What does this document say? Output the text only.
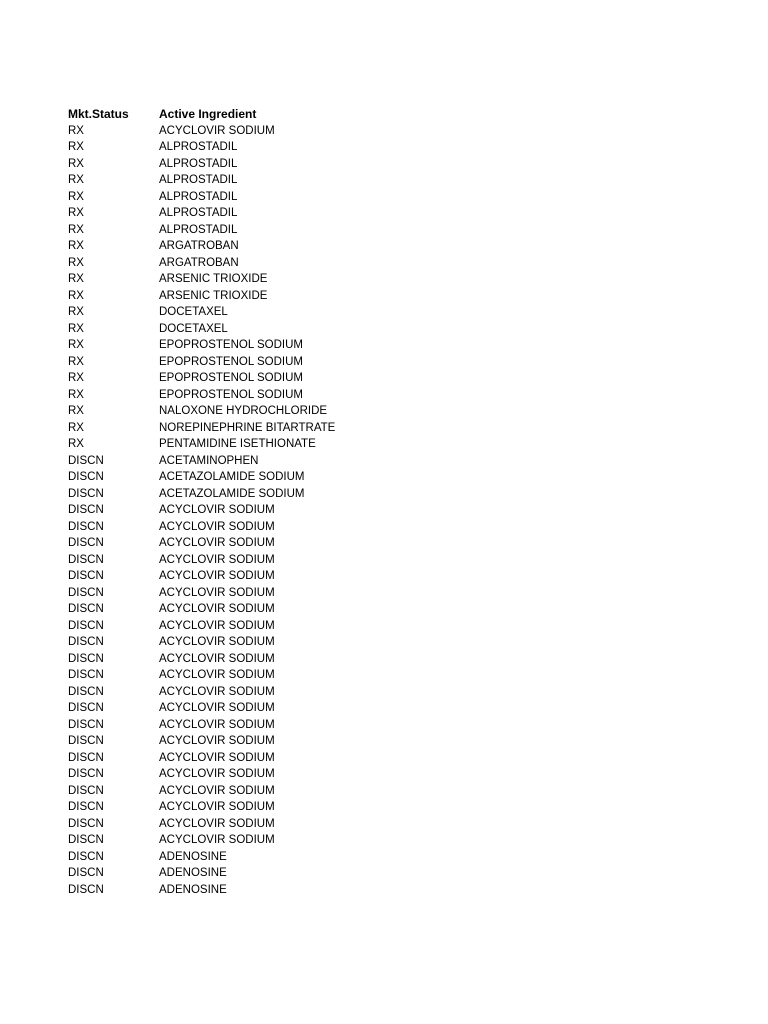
Mkt.Status	Active Ingredient
RX	ACYCLOVIR SODIUM
RX	ALPROSTADIL
RX	ALPROSTADIL
RX	ALPROSTADIL
RX	ALPROSTADIL
RX	ALPROSTADIL
RX	ALPROSTADIL
RX	ARGATROBAN
RX	ARGATROBAN
RX	ARSENIC TRIOXIDE
RX	ARSENIC TRIOXIDE
RX	DOCETAXEL
RX	DOCETAXEL
RX	EPOPROSTENOL SODIUM
RX	EPOPROSTENOL SODIUM
RX	EPOPROSTENOL SODIUM
RX	EPOPROSTENOL SODIUM
RX	NALOXONE HYDROCHLORIDE
RX	NOREPINEPHRINE BITARTRATE
RX	PENTAMIDINE ISETHIONATE
DISCN	ACETAMINOPHEN
DISCN	ACETAZOLAMIDE SODIUM
DISCN	ACETAZOLAMIDE SODIUM
DISCN	ACYCLOVIR SODIUM
DISCN	ACYCLOVIR SODIUM
DISCN	ACYCLOVIR SODIUM
DISCN	ACYCLOVIR SODIUM
DISCN	ACYCLOVIR SODIUM
DISCN	ACYCLOVIR SODIUM
DISCN	ACYCLOVIR SODIUM
DISCN	ACYCLOVIR SODIUM
DISCN	ACYCLOVIR SODIUM
DISCN	ACYCLOVIR SODIUM
DISCN	ACYCLOVIR SODIUM
DISCN	ACYCLOVIR SODIUM
DISCN	ACYCLOVIR SODIUM
DISCN	ACYCLOVIR SODIUM
DISCN	ACYCLOVIR SODIUM
DISCN	ACYCLOVIR SODIUM
DISCN	ACYCLOVIR SODIUM
DISCN	ACYCLOVIR SODIUM
DISCN	ACYCLOVIR SODIUM
DISCN	ACYCLOVIR SODIUM
DISCN	ACYCLOVIR SODIUM
DISCN	ADENOSINE
DISCN	ADENOSINE
DISCN	ADENOSINE
